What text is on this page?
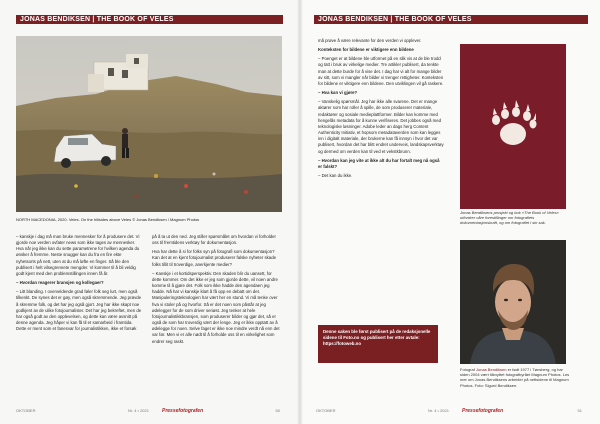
JONAS BENDIKSEN | THE BOOK OF VELES
NORTH MACEDONIA, 2020. Veles. On the hillsides above Veles © Jonas Bendiksen / Magnum Photos

– kanskje i dag må man bruke mennesker for å produsere det. Vi gjorde noe verden ovfater news som ikke tages av mennesker. Hva når jeg ikke kan du sette parametrene for hvilken agenda du ønsker å fremme. Neste snugger kan du fra en fire ekte nyhetsorts på nett, uten at du må løfte en finger. Så ble den publisert i helt vilsegrennete mengder. Vi kommer til å bli veldig godt kjent med den problemstillingen innen få år.

– Hvordan reagerer bransjen og kollegaer?

– Litt blanding. I overveldende grad føler folk seg lurt, men også tilkenkt. De synes det er gøy, men også skremmende. Jeg prøvde å skremme folk, og det har jeg også gjort. Jeg har ikke skapt noe godkjent av de ulike fotojournalister. Det har jeg bekreftet, men de har også godt av den opplevelsen, og dette kan være avsnitt på denne agenda. Jeg håper vi kan få til et samarbeid i framtida. Dette er ment som et fanesvar for journalistikken, ikke et forsøk

på å ta ut den ned. Jeg stiller spørsmålet om hvordan vi forholder oss til fremtidens verktøy for dokumentasjon.

Hva har dette å si for folks syn på fotografi som dokumentasjon? Kan det at en kjent fotojournalist produserer falske nyheter skade folks tillit til troverdige, anerkjente medier?

– Kanskje i et kortidsperspektiv. Den skaden blir du uansett, for dette kommer. Om det ikke er jeg som gjorde dette, vil noen andre komme til å gjøre det. Folk som ikke hadde den agendaen jeg hadde. Nå har vi kanskje klart å få opp en debatt om det. Manipuleringsteknologien har vært her en stund. Vi må tenke over hva vi stoler på og hvorfor. Så er det noen som påstår at jeg ødelegger for de som driver seriøst. Jeg tenker at hele fotojournalistikkbransjen, som produserer bilder og gjør det, så er også de som har troverdig vært der lenge. Jeg er ikke opptatt av å ødelegge for noen. Selve faget er ikke noe mindre verdt nå enn det var før. Men vi er alle nødt til å forholde oss til en virkelighet som endrer seg raskt.

OKTOBER	Nr. 4 • 2021	Pressefotografen	50
JONAS BENDIKSEN | THE BOOK OF VELES

må prøve å være relevante for den verden vi opplever.

Konteksten for bildene er viktigere enn bildene

– Poenget er at bildene ble utformet på en slik vis at de ble trodd og tatt i bruk av virkelige medier. Tre artikler publisert, da tenkte man at dette burde for å vise det. I dag har vi alt for mange bilder av sitt, som vi mangler når bilder vi trenger rettigheter. Konteksten for bildene er viktigere enn bildene. Den utviklingen vil gå raskere.

– Hva kan vi gjøre?

– Vanskelig spørsmål. Jeg har ikke alle svarene. Det er mange aktører som har roller å spille, de som produserer materiale, redaktører og sosiale medieplattformer. Bilder kan komme med hengelås metadata for å kunne verifiseres. Det jobbes også med teknologiske løsninger. Adobe leder an dags herg Content Authenticity Initiativ, et hopsom metadataverden som kan legges inn i digitalt materiale, der brukerne kan få innsyn i hvor det var publisert, hvordan det har blitt endret underveis, landskapsverktøy og dermed om verden kan til ved et vekstkbrunn.

– Hvordan kan jeg vite at ikke alt du har fortalt meg nå også er falskt?

– Det kan du ikke.

Jonas Bendiksens prosjekt og bok «The Book of Veles» utfordrer våre forestillinger om fotografiets dokumentasjonskraft, og om fotografiet i sin sak.
Fotograf Jonas Bendiksen er født 1977 i Tønsberg, og har siden 2004 vært tilknyttet fotografbyrået Magnum Photos. Les mer om Jonas Bendiksens arbeider på nettsidene til Magnum Photos. Foto: Sigurd Bendiksen.
Denne saken ble først publisert på de redaksjonelle sidene til Foto.no og publisert her etter avtale: https://fotoweb.no
OKTOBER	Nr. 4 • 2021	Pressefotografen	51
